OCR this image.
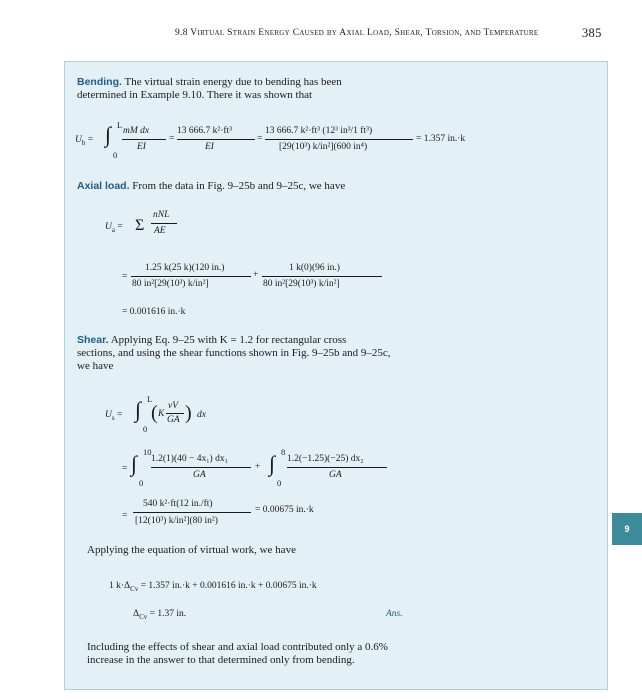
9.8 Virtual Strain Energy Caused by Axial Load, Shear, Torsion, and Temperature	385
9
Bending. The virtual strain energy due to bending has been
determined in Example 9.10. There it was shown that
$U_b$ = ∫ L
0
mM dx
EI
=
13 666.7 k²·ft³
EI
=
13 666.7 k²·ft³ (12³ in³/1 ft³)
[29(10³) k/in²](600 in⁴)
= 1.357 in.·k
Axial load. From the data in Fig. 9–25b and 9–25c, we have
$U_a = \Sigma$
nNL
AE
=
1.25 k(25 k)(120 in.)
80 in²[29(10³) k/in²]
+
1 k(0)(96 in.)
80 in²[29(10³) k/in²]
= 0.001616 in.·k
Shear. Applying Eq. 9–25 with K = 1.2 for rectangular cross
sections, and using the shear functions shown in Fig. 9–25b and 9–25c,
we have
$U_s$ = ∫ L
0
( K
vV
GA ) dx
= ∫ 10
0
1.2(1)(40 − 4x₁) dx₁
GA
+ ∫ 8
0
1.2(−1.25)(−25) dx₂
GA
=
540 k²·ft(12 in./ft)
[12(10³) k/in²](80 in²)
= 0.00675 in.·k
Applying the equation of virtual work, we have
1 $k\cdot\Delta_{Cv} = 1.357$ in.·k + 0.001616 in.·k + 0.00675 in.·k
$\Delta_{Cv} = 1.37$ in.	Ans.
Including the effects of shear and axial load contributed only a 0.6%
increase in the answer to that determined only from bending.
